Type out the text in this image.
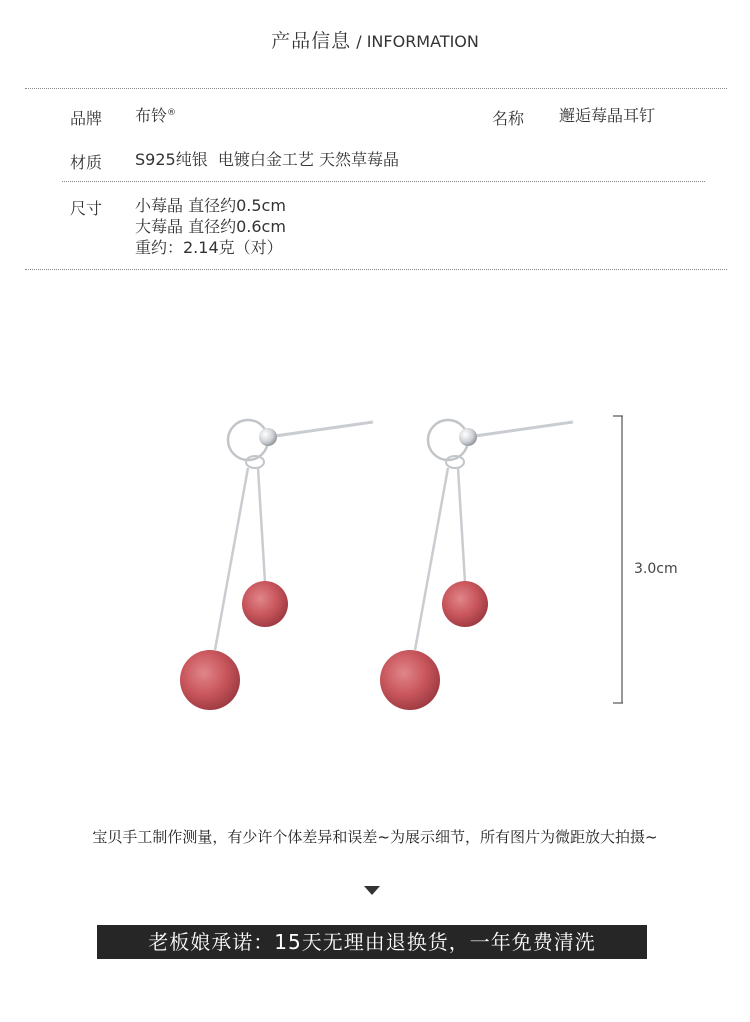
产品信息 / INFORMATION
品牌 布铃®	名称 邂逅莓晶耳钉
材质 S925纯银  电镀白金工艺 天然草莓晶
尺寸 小莓晶 直径约0.5cm
大莓晶 直径约0.6cm
重约：2.14克（对）
3.0cm
宝贝手工制作测量，有少许个体差异和误差~为展示细节，所有图片为微距放大拍摄~
老板娘承诺：15天无理由退换货，一年免费清洗
